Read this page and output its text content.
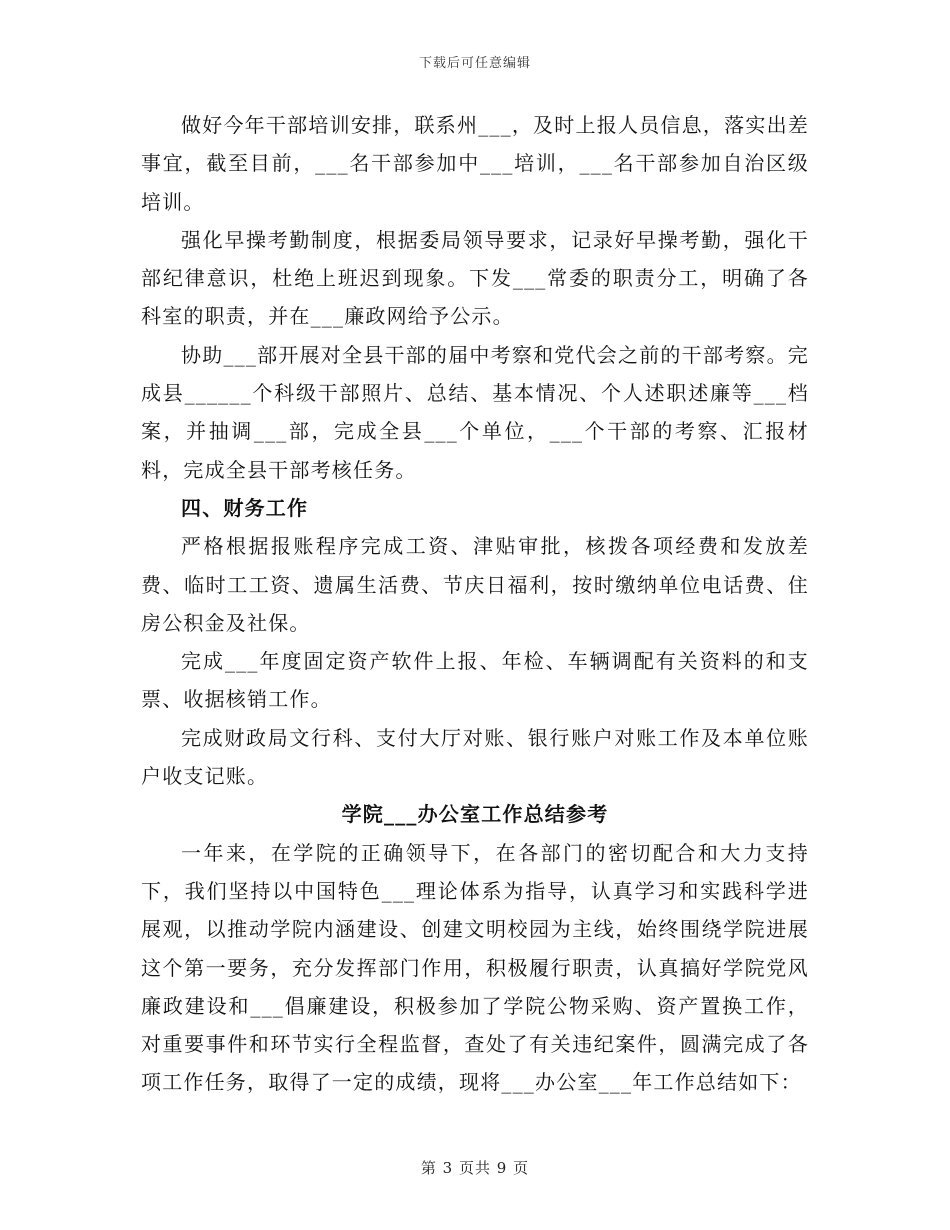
下载后可任意编辑

做好今年干部培训安排，联系州___，及时上报人员信息，落实出差事宜，截至目前，___名干部参加中___培训，___名干部参加自治区级培训。

强化早操考勤制度，根据委局领导要求，记录好早操考勤，强化干部纪律意识，杜绝上班迟到现象。下发___常委的职责分工，明确了各科室的职责，并在___廉政网给予公示。

协助___部开展对全县干部的届中考察和党代会之前的干部考察。完成县______个科级干部照片、总结、基本情况、个人述职述廉等___档案，并抽调___部，完成全县___个单位，___个干部的考察、汇报材料，完成全县干部考核任务。

四、财务工作

严格根据报账程序完成工资、津贴审批，核拨各项经费和发放差费、临时工工资、遗属生活费、节庆日福利，按时缴纳单位电话费、住房公积金及社保。

完成___年度固定资产软件上报、年检、车辆调配有关资料的和支票、收据核销工作。

完成财政局文行科、支付大厅对账、银行账户对账工作及本单位账户收支记账。

学院___办公室工作总结参考

一年来，在学院的正确领导下，在各部门的密切配合和大力支持下，我们坚持以中国特色___理论体系为指导，认真学习和实践科学进展观，以推动学院内涵建设、创建文明校园为主线，始终围绕学院进展这个第一要务，充分发挥部门作用，积极履行职责，认真搞好学院党风廉政建设和___倡廉建设，积极参加了学院公物采购、资产置换工作，对重要事件和环节实行全程监督，查处了有关违纪案件，圆满完成了各项工作任务，取得了一定的成绩，现将___办公室___年工作总结如下：

第 3 页共 9 页
